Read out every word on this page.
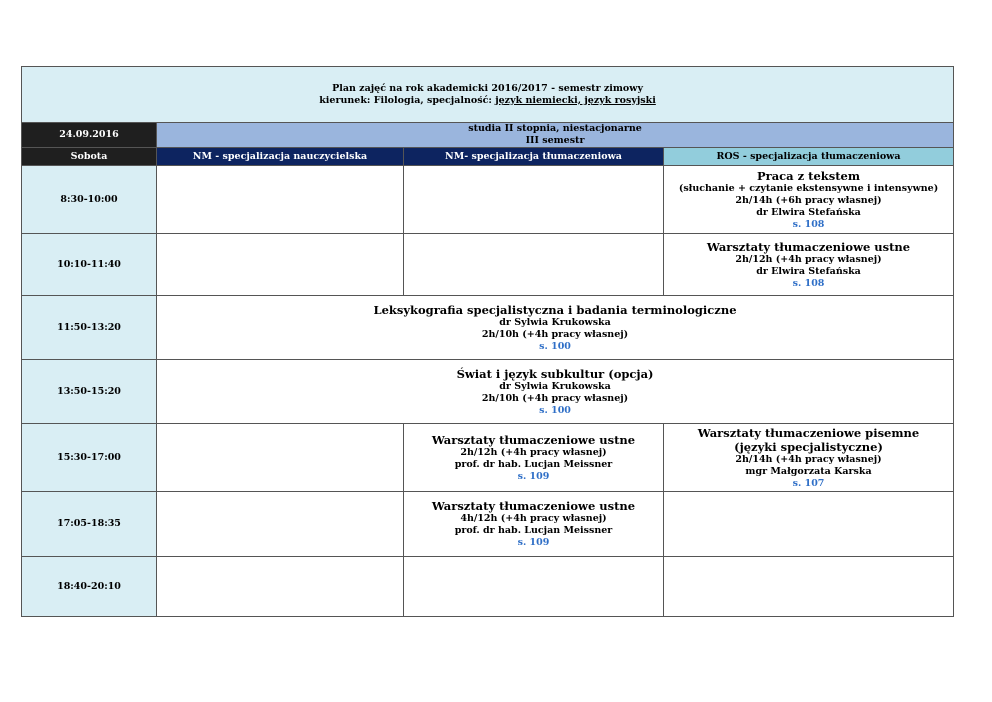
Plan zajęć na rok akademicki 2016/2017 - semestr zimowy
kierunek: Filologia, specjalność: język niemiecki, język rosyjski			

24.09.2016	studia II stopnia, niestacjonarne
III semestr		

Sobota	NM - specjalizacja nauczycielska	NM- specjalizacja tłumaczeniowa	ROS - specjalizacja tłumaczeniowa
8:30-10:00			Praca z tekstem
(słuchanie + czytanie ekstensywne i intensywne)
2h/14h (+6h pracy własnej)
dr Elwira Stefańska
s. 108

10:10-11:40			Warsztaty tłumaczeniowe ustne
2h/12h (+4h pracy własnej)
dr Elwira Stefańska
s. 108

11:50-13:20	Leksykografia specjalistyczna i badania terminologiczne
dr Sylwia Krukowska
2h/10h (+4h pracy własnej)
s. 100		

13:50-15:20	Świat i język subkultur (opcja)
dr Sylwia Krukowska
2h/10h (+4h pracy własnej)
s. 100		

15:30-17:00		Warsztaty tłumaczeniowe ustne
2h/12h (+4h pracy własnej)
prof. dr hab. Lucjan Meissner
s. 109	Warsztaty tłumaczeniowe pisemne
(języki specjalistyczne)
2h/14h (+4h pracy własnej)
mgr Małgorzata Karska
s. 107

17:05-18:35		Warsztaty tłumaczeniowe ustne
4h/12h (+4h pracy własnej)
prof. dr hab. Lucjan Meissner
s. 109	

18:40-20:10			
